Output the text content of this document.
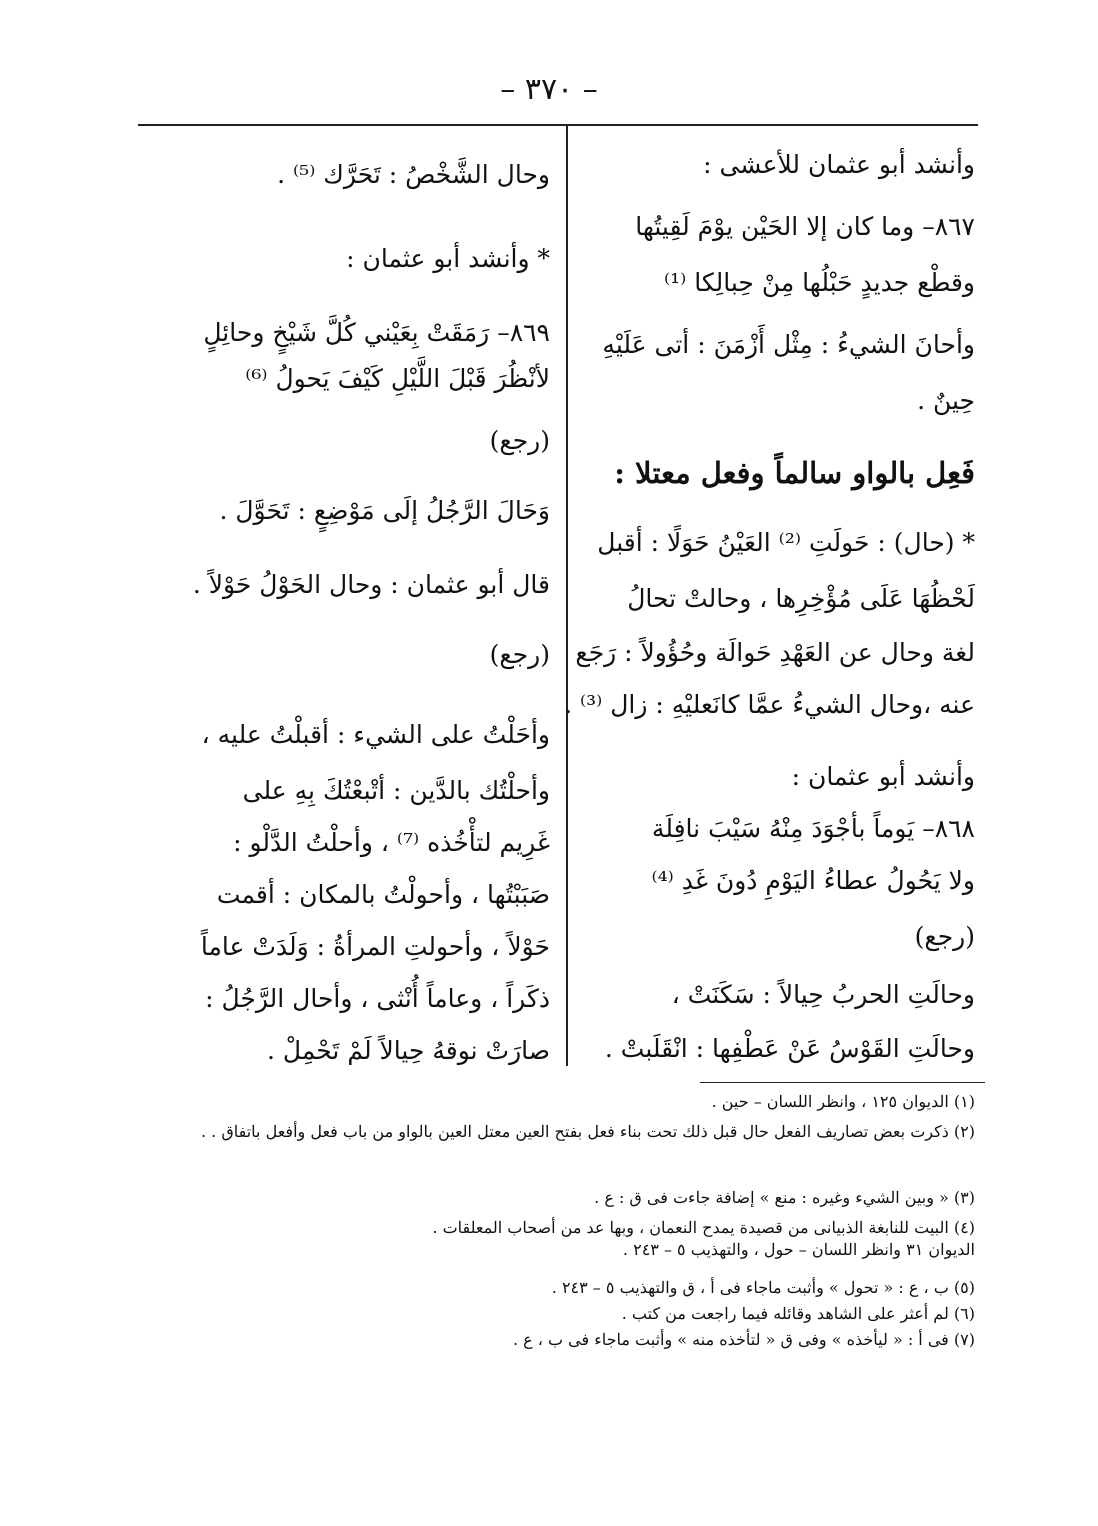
– ٣٧٠ –
وأنشد أبو عثمان للأعشى :
٨٦٧– وما كان إلا الحَيْن يوْمَ لَقِيتُها
وقطْع جديدٍ حَبْلُها مِنْ حِبالِكا ⁽¹⁾
وأحانَ الشيءُ : مِثْل أَزْمَنَ : أتى عَلَيْهِ
حِينٌ .
فَعِل بالواو سالماً وفعل معتلا :
* (حال) : حَولَتِ ⁽²⁾ العَيْنُ حَوَلًا : أقبل
لَحْظُهَا عَلَى مُؤْخِرِها ، وحالتْ تحالُ
لغة وحال عن العَهْدِ حَوالَة وحُؤُولاً : رَجَع
عنه ،وحال الشيءُ عمَّا كانَعليْهِ : زال ⁽³⁾ .
وأنشد أبو عثمان :
٨٦٨– يَوماً بأجْوَدَ مِنْهُ سَيْبَ نافِلَة
ولا يَحُولُ عطاءُ اليَوْمِ دُونَ غَدِ ⁽⁴⁾
(رجع)
وحالَتِ الحربُ حِيالاً : سَكَنَتْ ،
وحالَتِ القَوْسُ عَنْ عَطْفِها : انْقَلَبتْ .
وحال الشَّخْصُ : تَحَرَّك ⁽⁵⁾ .
* وأنشد أبو عثمان :
٨٦٩– رَمَقَتْ بِعَيْني كُلَّ شَيْخٍ وحائِلٍ
لأنْظُرَ قَبْلَ اللَّيْلِ كَيْفَ يَحولُ ⁽⁶⁾
(رجع)
وَحَالَ الرَّجُلُ إلَى مَوْضِعٍ : تَحَوَّلَ .
قال أبو عثمان : وحال الحَوْلُ حَوْلاً .
(رجع)
وأحَلْتُ على الشيء : أقبلْتُ عليه ،
وأحلْتُك بالدَّين : أتْبعْتُكَ بِهِ على
غَرِيم لتأْخُذه ⁽⁷⁾ ، وأحلْتُ الدَّلْو :
صَبَبْتُها ، وأحولْتُ بالمكان : أقمت
حَوْلاً ، وأحولتِ المرأةُ : وَلَدَتْ عاماً
ذكَراً ، وعاماً أُنْثى ، وأحال الرَّجُلُ :
صارَتْ نوقهُ حِيالاً لَمْ تَحْمِلْ .
(١) الديوان ١٢٥ ، وانظر اللسان – حين .
(٢) ذكرت بعض تصاريف الفعل حال قبل ذلك تحت بناء فعل بفتح العين معتل العين بالواو من باب فعل وأفعل باتفاق . .
(٣) « وبين الشيء وغيره : منع » إضافة جاءت فى ق : ع .
(٤) البيت للنابغة الذبيانى من قصيدة يمدح النعمان ، وبها عد من أصحاب المعلقات .
الديوان ٣١ وانظر اللسان – حول ، والتهذيب ٥ – ٢٤٣ .
(٥) ب ، ع : « تحول » وأثبت ماجاء فى أ ، ق والتهذيب ٥ – ٢٤٣ .
(٦) لم أعثر على الشاهد وقائله فيما راجعت من كتب .
(٧) فى أ : « ليأخذه » وفى ق « لتأخذه منه » وأثبت ماجاء فى ب ، ع .
